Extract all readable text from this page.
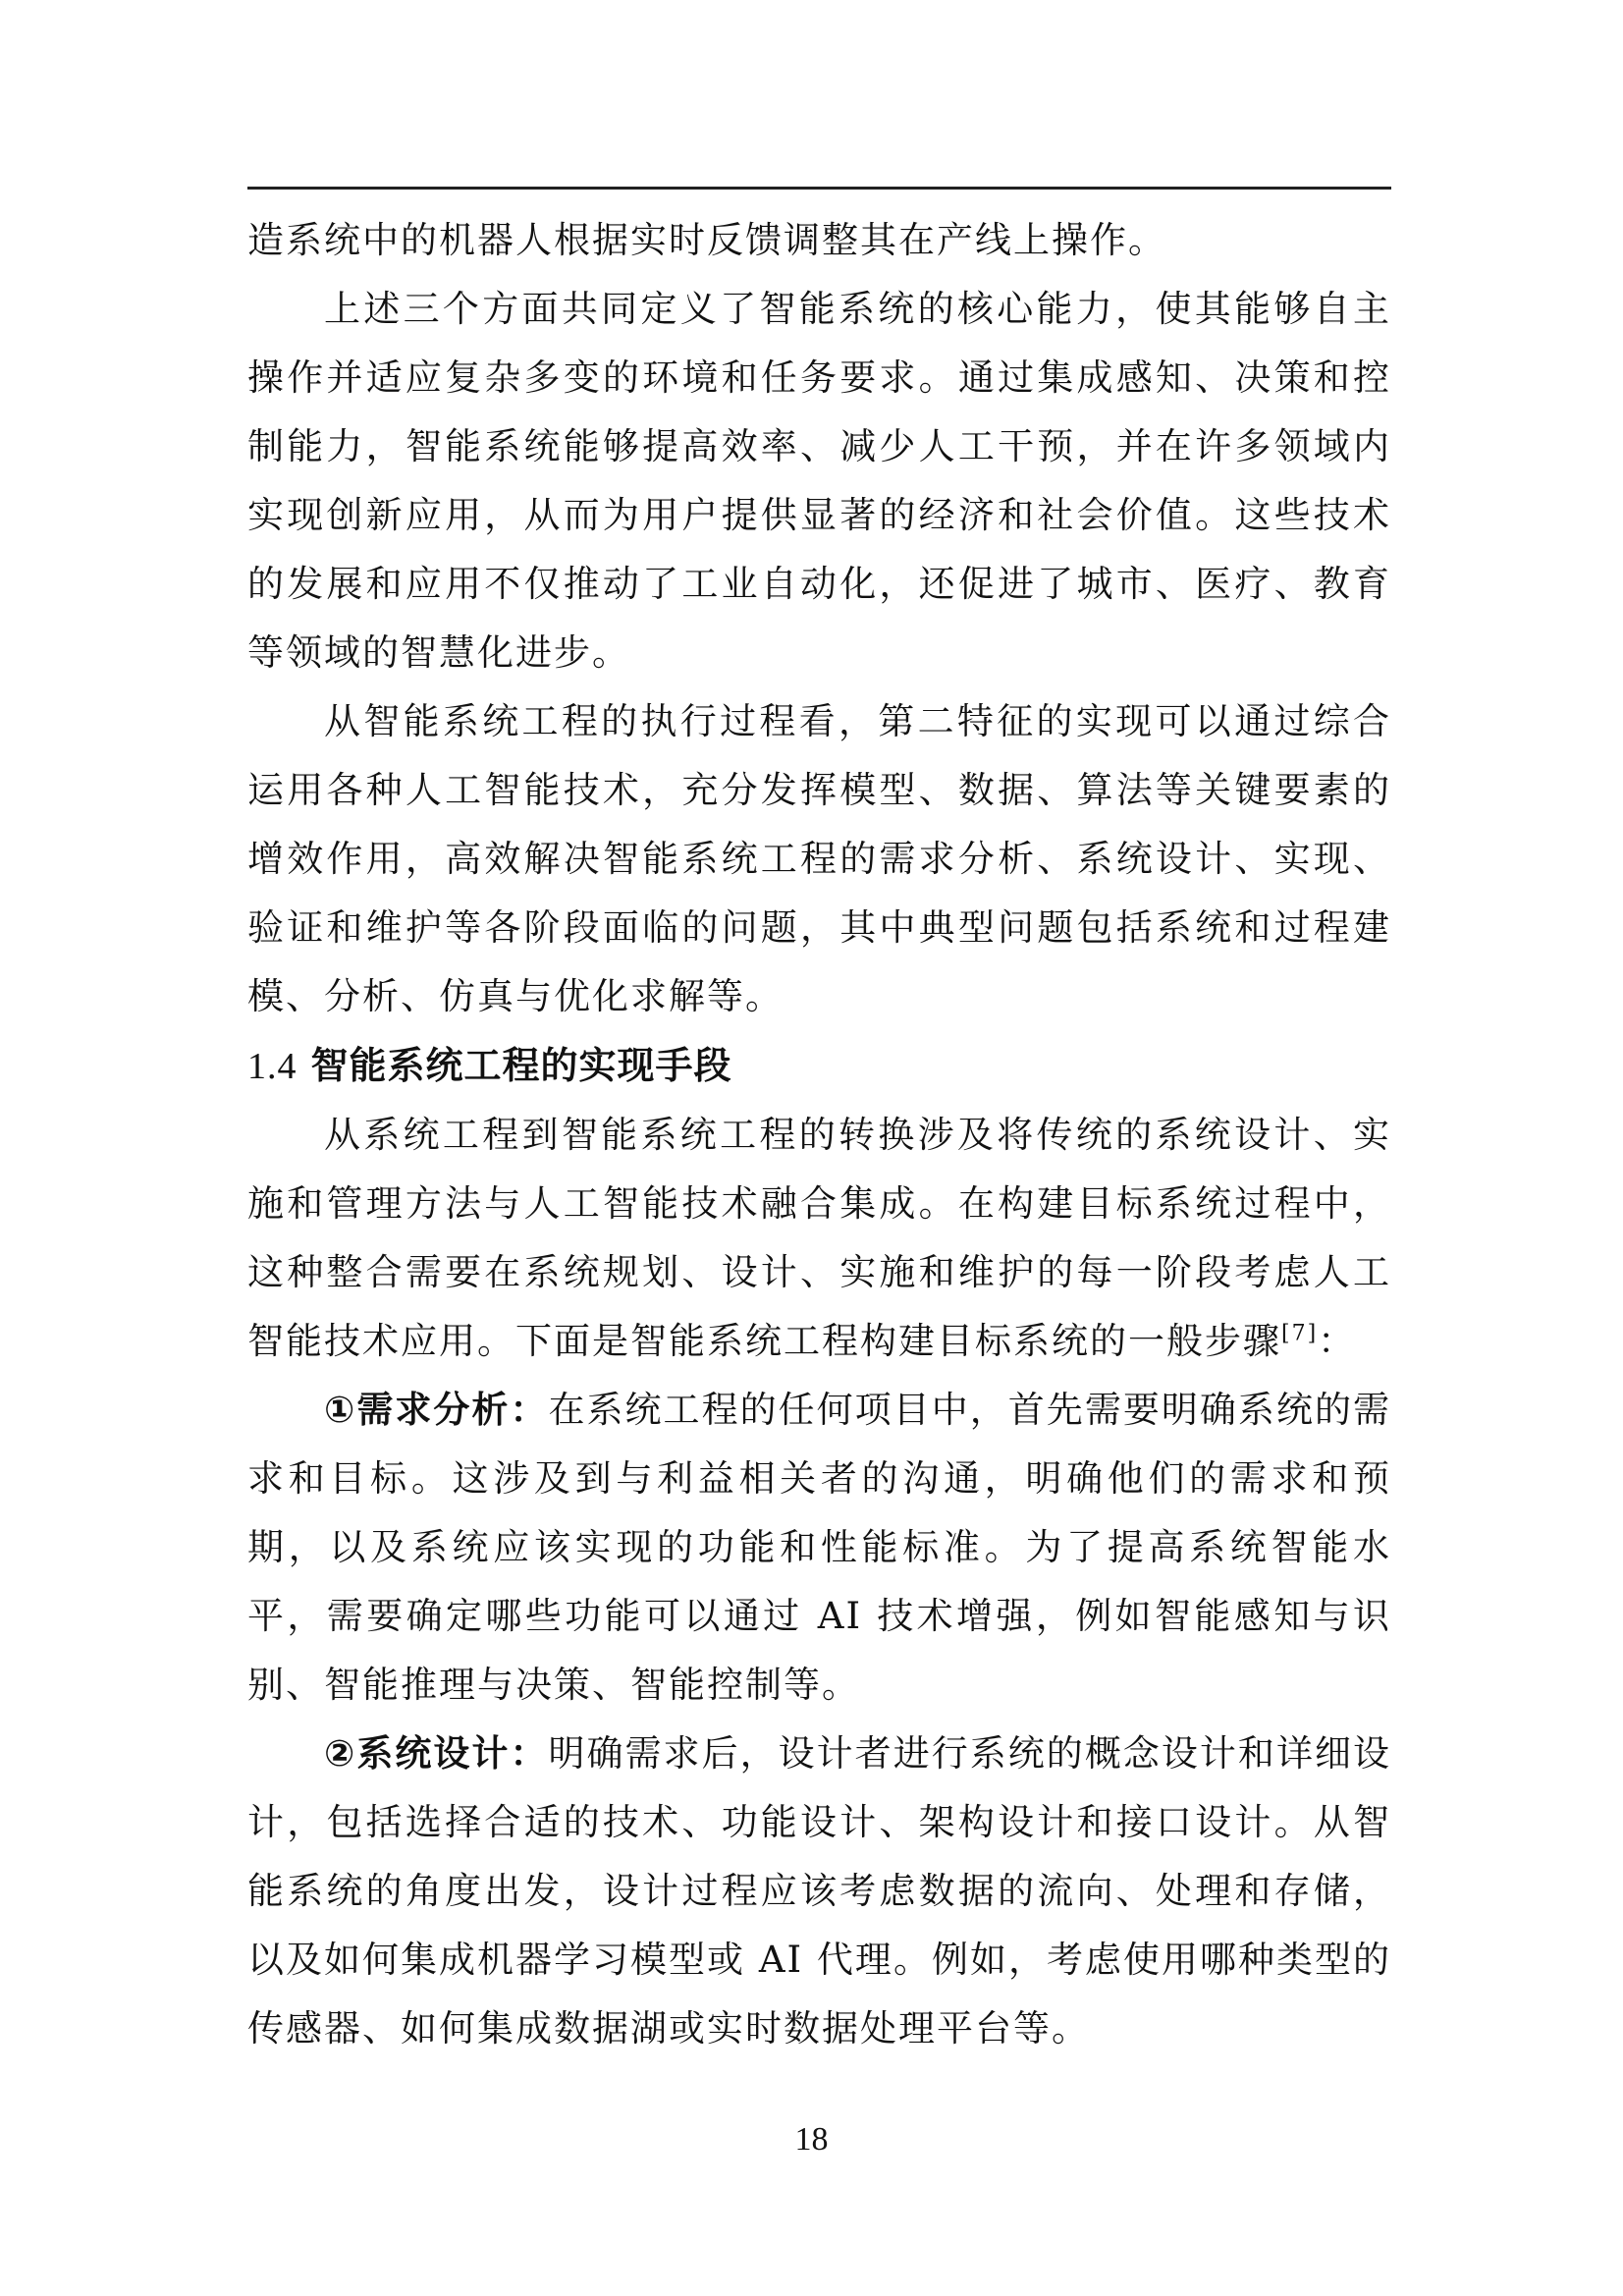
造系统中的机器人根据实时反馈调整其在产线上操作。

上述三个方面共同定义了智能系统的核心能力，使其能够自主操作并适应复杂多变的环境和任务要求。通过集成感知、决策和控制能力，智能系统能够提高效率、减少人工干预，并在许多领域内实现创新应用，从而为用户提供显著的经济和社会价值。这些技术的发展和应用不仅推动了工业自动化，还促进了城市、医疗、教育等领域的智慧化进步。

从智能系统工程的执行过程看，第二特征的实现可以通过综合运用各种人工智能技术，充分发挥模型、数据、算法等关键要素的增效作用，高效解决智能系统工程的需求分析、系统设计、实现、验证和维护等各阶段面临的问题，其中典型问题包括系统和过程建模、分析、仿真与优化求解等。

1.4 智能系统工程的实现手段

从系统工程到智能系统工程的转换涉及将传统的系统设计、实施和管理方法与人工智能技术融合集成。在构建目标系统过程中，这种整合需要在系统规划、设计、实施和维护的每一阶段考虑人工智能技术应用。下面是智能系统工程构建目标系统的一般步骤[7]：

①需求分析：在系统工程的任何项目中，首先需要明确系统的需求和目标。这涉及到与利益相关者的沟通，明确他们的需求和预期，以及系统应该实现的功能和性能标准。为了提高系统智能水平，需要确定哪些功能可以通过 AI 技术增强，例如智能感知与识别、智能推理与决策、智能控制等。

②系统设计：明确需求后，设计者进行系统的概念设计和详细设计，包括选择合适的技术、功能设计、架构设计和接口设计。从智能系统的角度出发，设计过程应该考虑数据的流向、处理和存储，以及如何集成机器学习模型或 AI 代理。例如，考虑使用哪种类型的传感器、如何集成数据湖或实时数据处理平台等。

18
